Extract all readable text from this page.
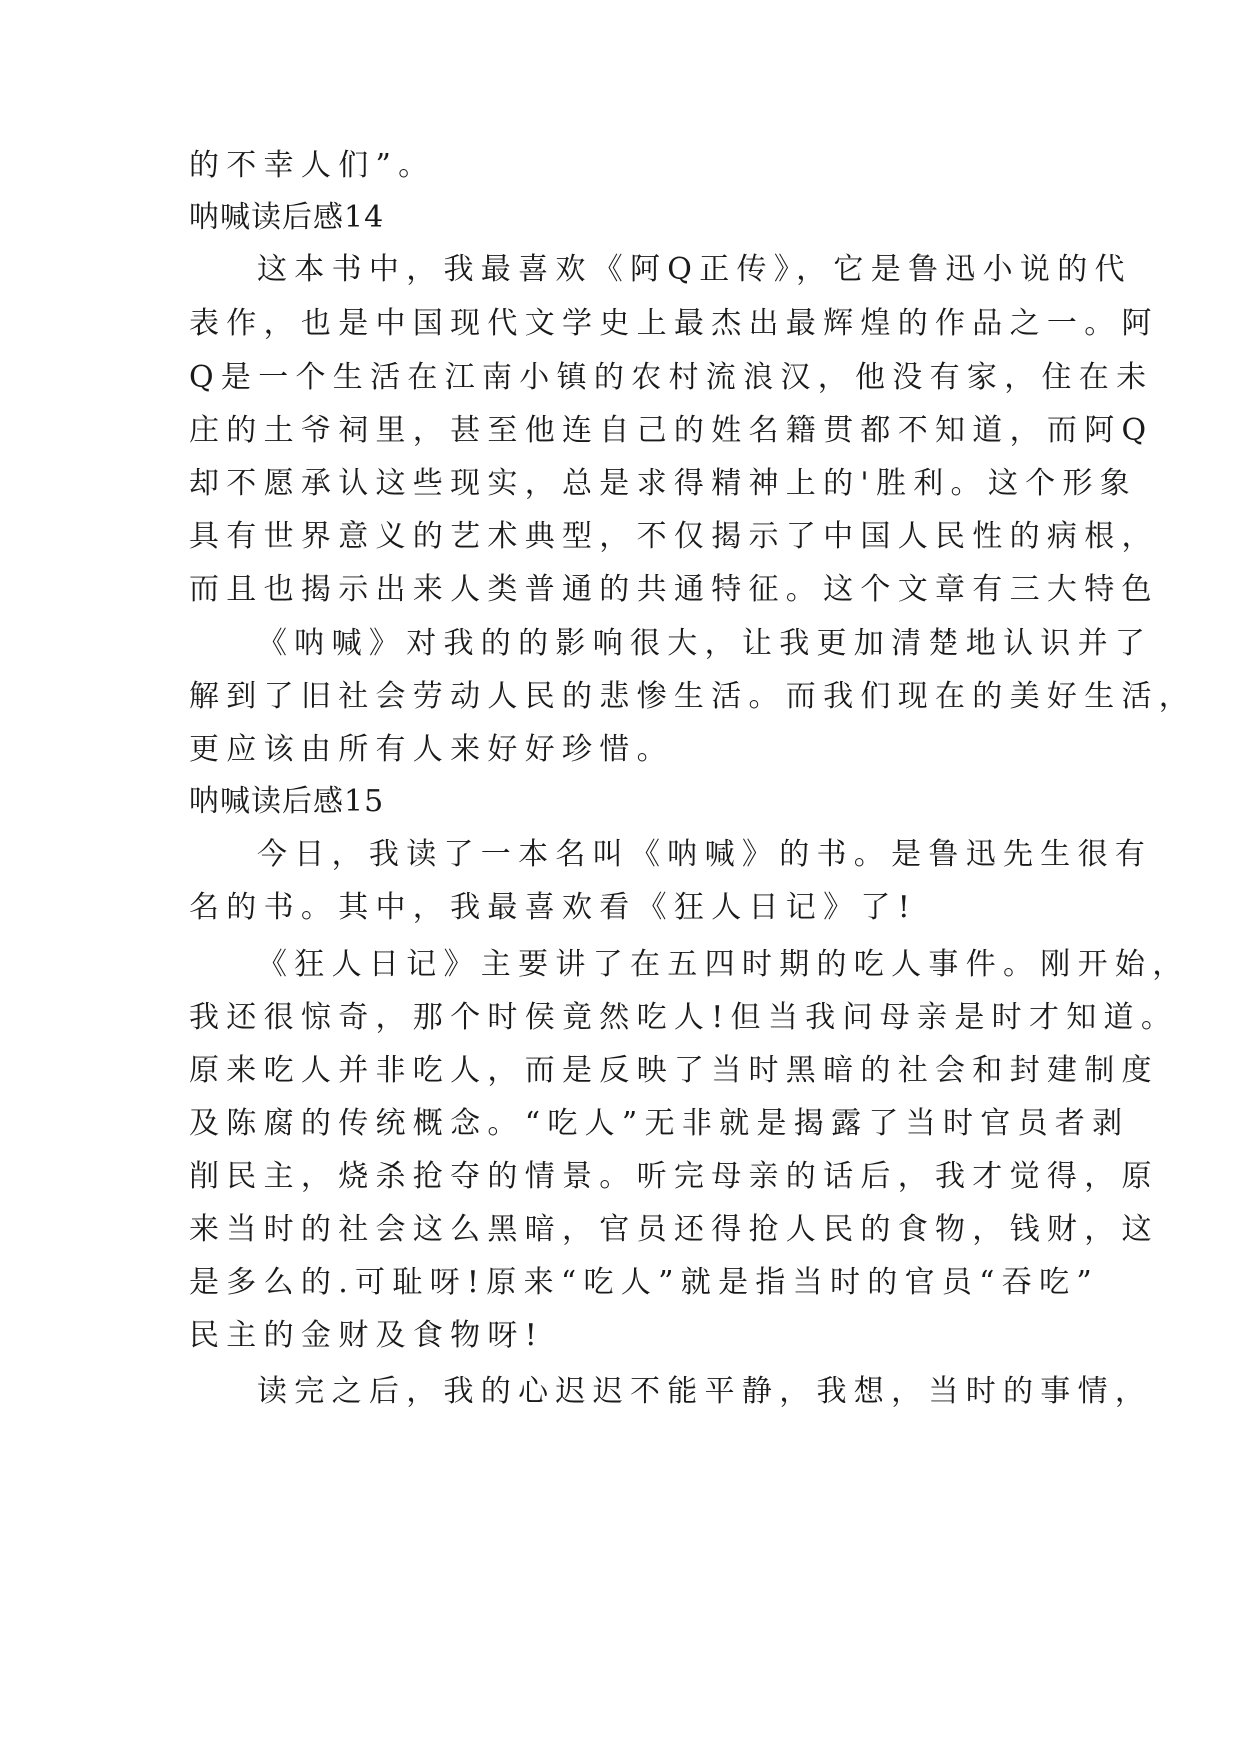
的不幸人们”。
呐喊读后感14
这本书中，我最喜欢《阿Q正传》，它是鲁迅小说的代
表作，也是中国现代文学史上最杰出最辉煌的作品之一。阿
Q是一个生活在江南小镇的农村流浪汉，他没有家，住在未
庄的土爷祠里，甚至他连自己的姓名籍贯都不知道，而阿Q
却不愿承认这些现实，总是求得精神上的'胜利。这个形象
具有世界意义的艺术典型，不仅揭示了中国人民性的病根，
而且也揭示出来人类普通的共通特征。这个文章有三大特色
《呐喊》对我的的影响很大，让我更加清楚地认识并了
解到了旧社会劳动人民的悲惨生活。而我们现在的美好生活，
更应该由所有人来好好珍惜。
呐喊读后感15
今日，我读了一本名叫《呐喊》的书。是鲁迅先生很有
名的书。其中，我最喜欢看《狂人日记》了!
《狂人日记》主要讲了在五四时期的吃人事件。刚开始，
我还很惊奇，那个时侯竟然吃人!但当我问母亲是时才知道。
原来吃人并非吃人，而是反映了当时黑暗的社会和封建制度
及陈腐的传统概念。“吃人”无非就是揭露了当时官员者剥
削民主，烧杀抢夺的情景。听完母亲的话后，我才觉得，原
来当时的社会这么黑暗，官员还得抢人民的食物，钱财，这
是多么的.可耻呀!原来“吃人”就是指当时的官员“吞吃”
民主的金财及食物呀!
读完之后，我的心迟迟不能平静，我想，当时的事情，
